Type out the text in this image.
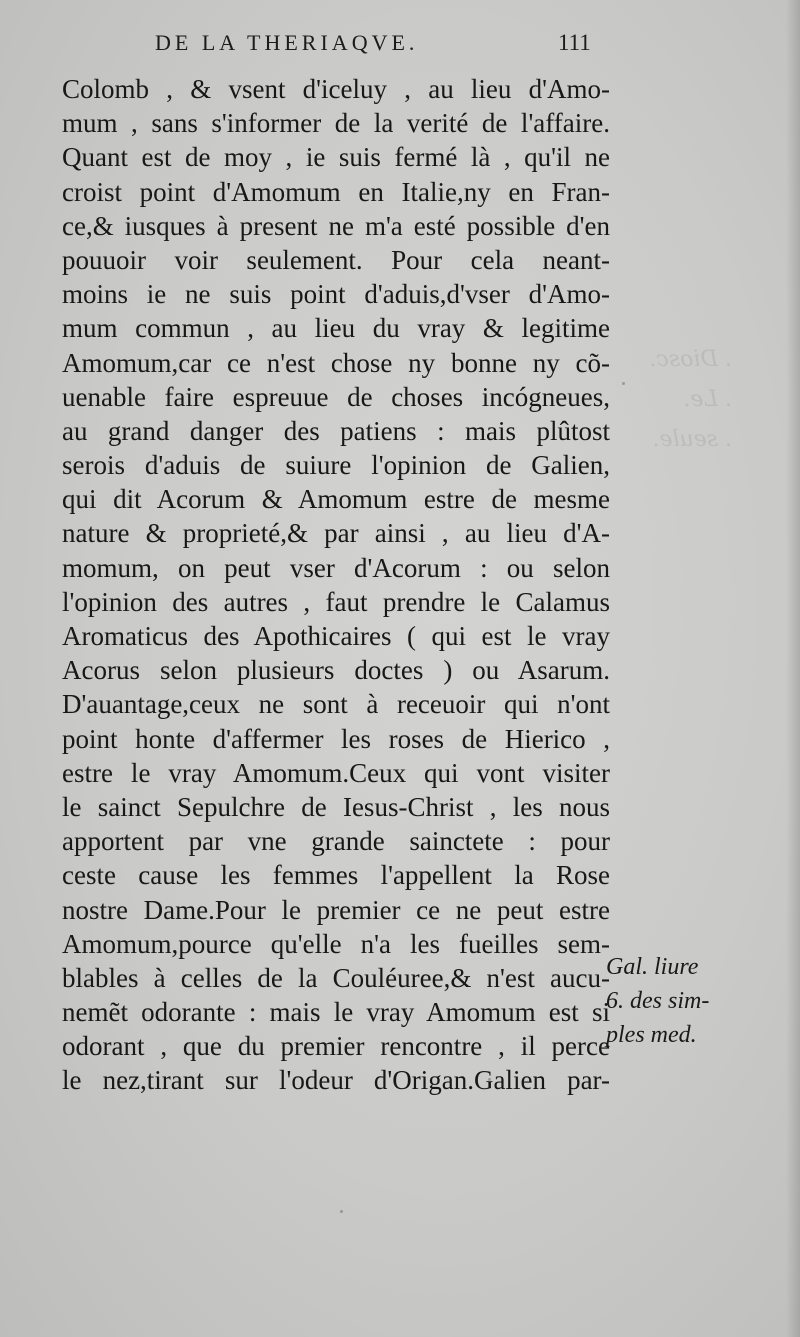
. Diosc.
. Le.
. seule.
DE LA THERIAQVE.	111
Colomb , & vsent d'iceluy , au lieu d'Amo-
mum , sans s'informer de la verité de l'affaire.
Quant est de moy , ie suis fermé là , qu'il ne
croist point d'Amomum en Italie,ny en Fran-
ce,& iusques à present ne m'a esté possible d'en
pouuoir voir seulement. Pour cela neant-
moins ie ne suis point d'aduis,d'vser d'Amo-
mum commun , au lieu du vray & legitime
Amomum,car ce n'est chose ny bonne ny cõ-
uenable faire espreuue de choses incógneues,
au grand danger des patiens : mais plûtost
serois d'aduis de suiure l'opinion de Galien,
qui dit Acorum & Amomum estre de mesme
nature & proprieté,& par ainsi , au lieu d'A-
momum, on peut vser d'Acorum : ou selon
l'opinion des autres , faut prendre le Calamus
Aromaticus des Apothicaires ( qui est le vray
Acorus selon plusieurs doctes ) ou Asarum.
D'auantage,ceux ne sont à receuoir qui n'ont
point honte d'affermer les roses de Hierico ,
estre le vray Amomum.Ceux qui vont visiter
le sainct Sepulchre de Iesus-Christ , les nous
apportent par vne grande sainctete : pour
ceste cause les femmes l'appellent la Rose
nostre Dame.Pour le premier ce ne peut estre
Amomum,pource qu'elle n'a les fueilles sem-
blables à celles de la Couléuree,& n'est aucu-
nemẽt odorante : mais le vray Amomum est si
odorant , que du premier rencontre , il perce
le nez,tirant sur l'odeur d'Origan.Galien par-
Gal. liure
6. des sim-
ples med.
